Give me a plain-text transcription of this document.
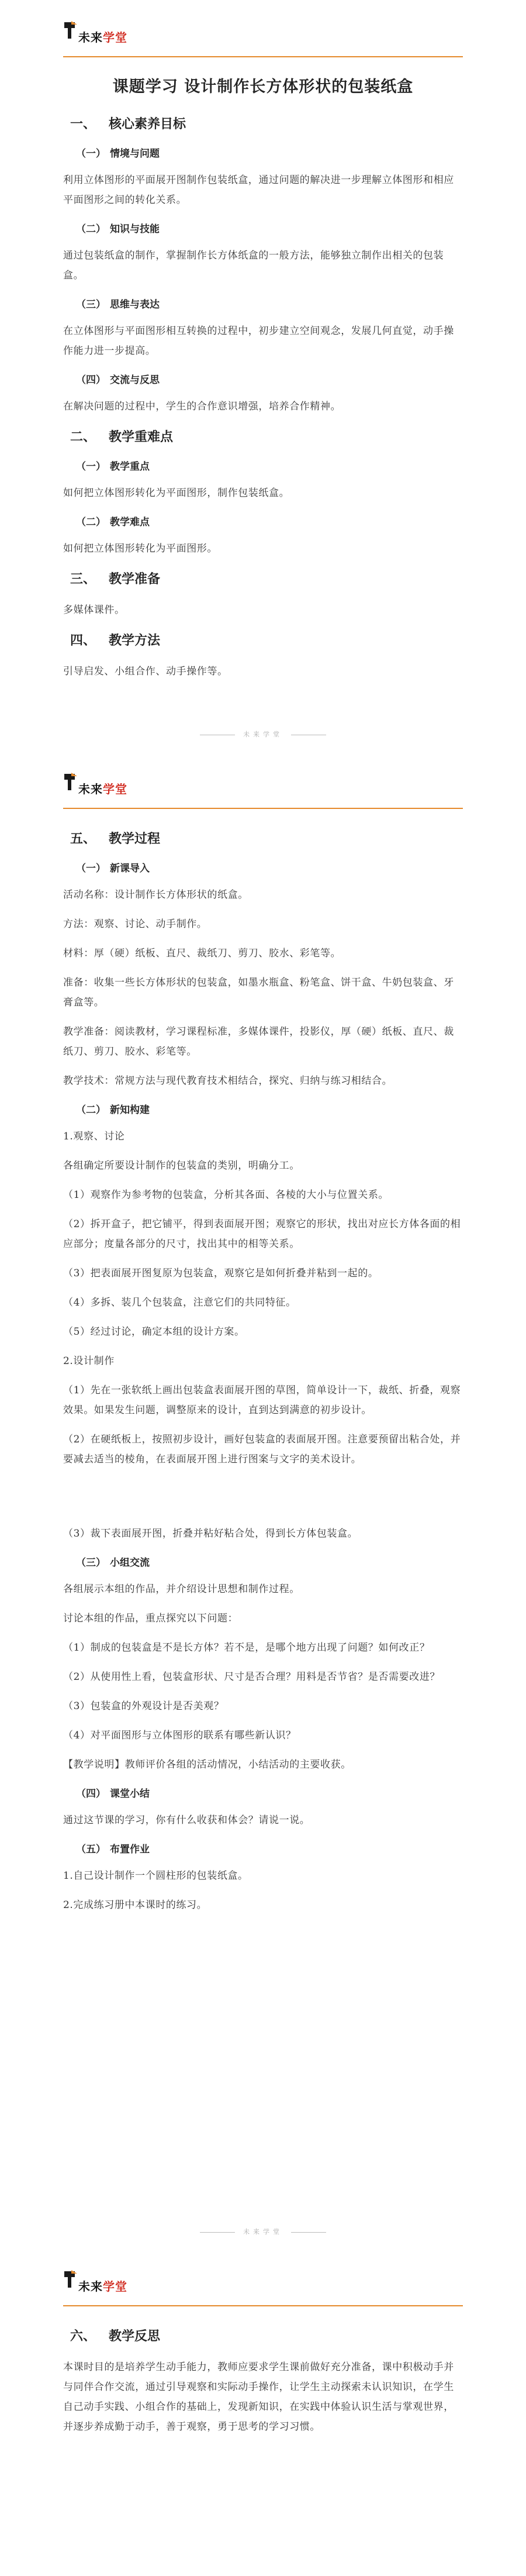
未来学堂
课题学习 设计制作长方体形状的包装纸盒
一、 核心素养目标
（一） 情境与问题

利用立体图形的平面展开图制作包装纸盒，通过问题的解决进一步理解立体图形和相应平面图形之间的转化关系。

（二） 知识与技能

通过包装纸盒的制作，掌握制作长方体纸盒的一般方法，能够独立制作出相关的包装盒。

（三） 思维与表达

在立体图形与平面图形相互转换的过程中，初步建立空间观念，发展几何直觉，动手操作能力进一步提高。

（四） 交流与反思

在解决问题的过程中，学生的合作意识增强，培养合作精神。

二、 教学重难点
（一） 教学重点

如何把立体图形转化为平面图形，制作包装纸盒。

（二） 教学难点

如何把立体图形转化为平面图形。

三、 教学准备

多媒体课件。

四、 教学方法

引导启发、小组合作、动手操作等。

未来学堂
未来学堂
五、 教学过程
（一） 新课导入

活动名称：设计制作长方体形状的纸盒。

方法：观察、讨论、动手制作。

材料：厚（硬）纸板、直尺、裁纸刀、剪刀、胶水、彩笔等。

准备：收集一些长方体形状的包装盒，如墨水瓶盒、粉笔盒、饼干盒、牛奶包装盒、牙膏盒等。

教学准备：阅读教材，学习课程标准，多媒体课件，投影仪，厚（硬）纸板、直尺、裁纸刀、剪刀、胶水、彩笔等。

教学技术：常规方法与现代教育技术相结合，探究、归纳与练习相结合。

（二） 新知构建

1.观察、讨论

各组确定所要设计制作的包装盒的类别，明确分工。

（1）观察作为参考物的包装盒，分析其各面、各棱的大小与位置关系。

（2）拆开盒子，把它铺平，得到表面展开图；观察它的形状，找出对应长方体各面的相应部分；度量各部分的尺寸，找出其中的相等关系。

（3）把表面展开图复原为包装盒，观察它是如何折叠并粘到一起的。

（4）多拆、装几个包装盒，注意它们的共同特征。

（5）经过讨论，确定本组的设计方案。

2.设计制作

（1）先在一张软纸上画出包装盒表面展开图的草图，简单设计一下，裁纸、折叠，观察效果。如果发生问题，调整原来的设计，直到达到满意的初步设计。

（2）在硬纸板上，按照初步设计，画好包装盒的表面展开图。注意要预留出粘合处，并要减去适当的棱角，在表面展开图上进行图案与文字的美术设计。

（3）裁下表面展开图，折叠并粘好粘合处，得到长方体包装盒。

（三） 小组交流

各组展示本组的作品，并介绍设计思想和制作过程。

讨论本组的作品，重点探究以下问题：

（1）制成的包装盒是不是长方体？若不是，是哪个地方出现了问题？如何改正？

（2）从使用性上看，包装盒形状、尺寸是否合理？用料是否节省？是否需要改进？

（3）包装盒的外观设计是否美观？

（4）对平面图形与立体图形的联系有哪些新认识？

【教学说明】教师评价各组的活动情况，小结活动的主要收获。

（四） 课堂小结

通过这节课的学习，你有什么收获和体会？请说一说。

（五） 布置作业

1.自己设计制作一个圆柱形的包装纸盒。

2.完成练习册中本课时的练习。

未来学堂
未来学堂
六、 教学反思

本课时目的是培养学生动手能力，教师应要求学生课前做好充分准备，课中积极动手并与同伴合作交流，通过引导观察和实际动手操作，让学生主动探索未认识知识，在学生自己动手实践、小组合作的基础上，发现新知识，在实践中体验认识生活与掌观世界，并逐步养成勤于动手，善于观察，勇于思考的学习习惯。
